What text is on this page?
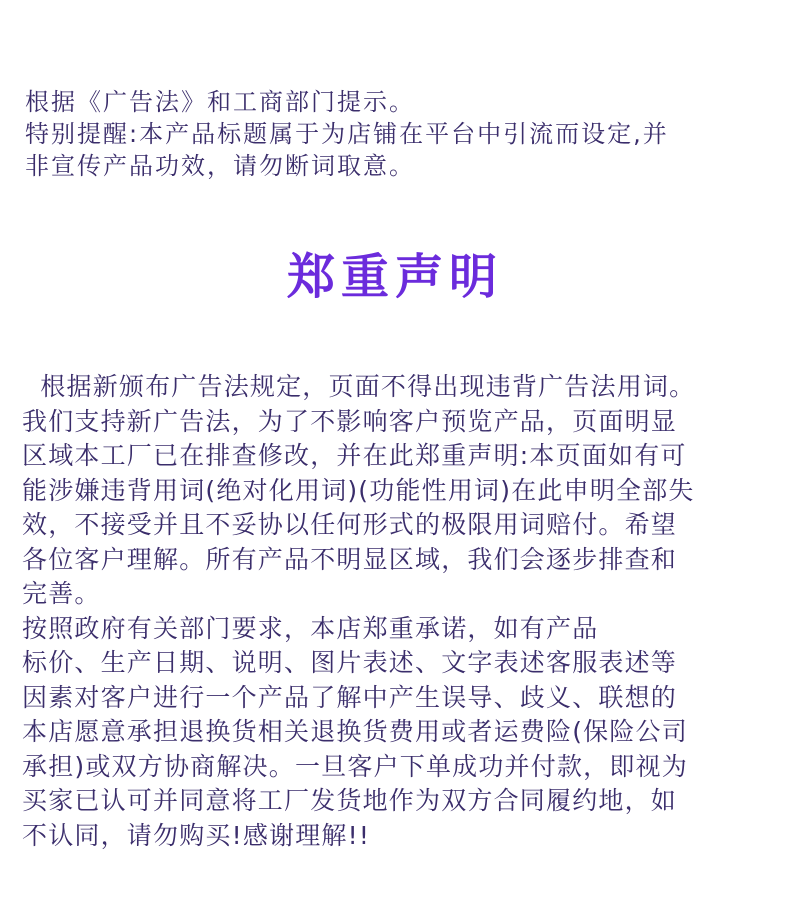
根据《广告法》和工商部门提示。
特别提醒:本产品标题属于为店铺在平台中引流而设定,并
非宣传产品功效，请勿断词取意。
郑重声明
根据新颁布广告法规定，页面不得出现违背广告法用词。
我们支持新广告法，为了不影响客户预览产品，页面明显
区域本工厂已在排查修改，并在此郑重声明:本页面如有可
能涉嫌违背用词(绝对化用词)(功能性用词)在此申明全部失
效，不接受并且不妥协以任何形式的极限用词赔付。希望
各位客户理解。所有产品不明显区域，我们会逐步排查和
完善。
按照政府有关部门要求，本店郑重承诺，如有产品
标价、生产日期、说明、图片表述、文字表述客服表述等
因素对客户进行一个产品了解中产生误导、歧义、联想的
本店愿意承担退换货相关退换货费用或者运费险(保险公司
承担)或双方协商解决。一旦客户下单成功并付款，即视为
买家已认可并同意将工厂发货地作为双方合同履约地，如
不认同，请勿购买!感谢理解!!
